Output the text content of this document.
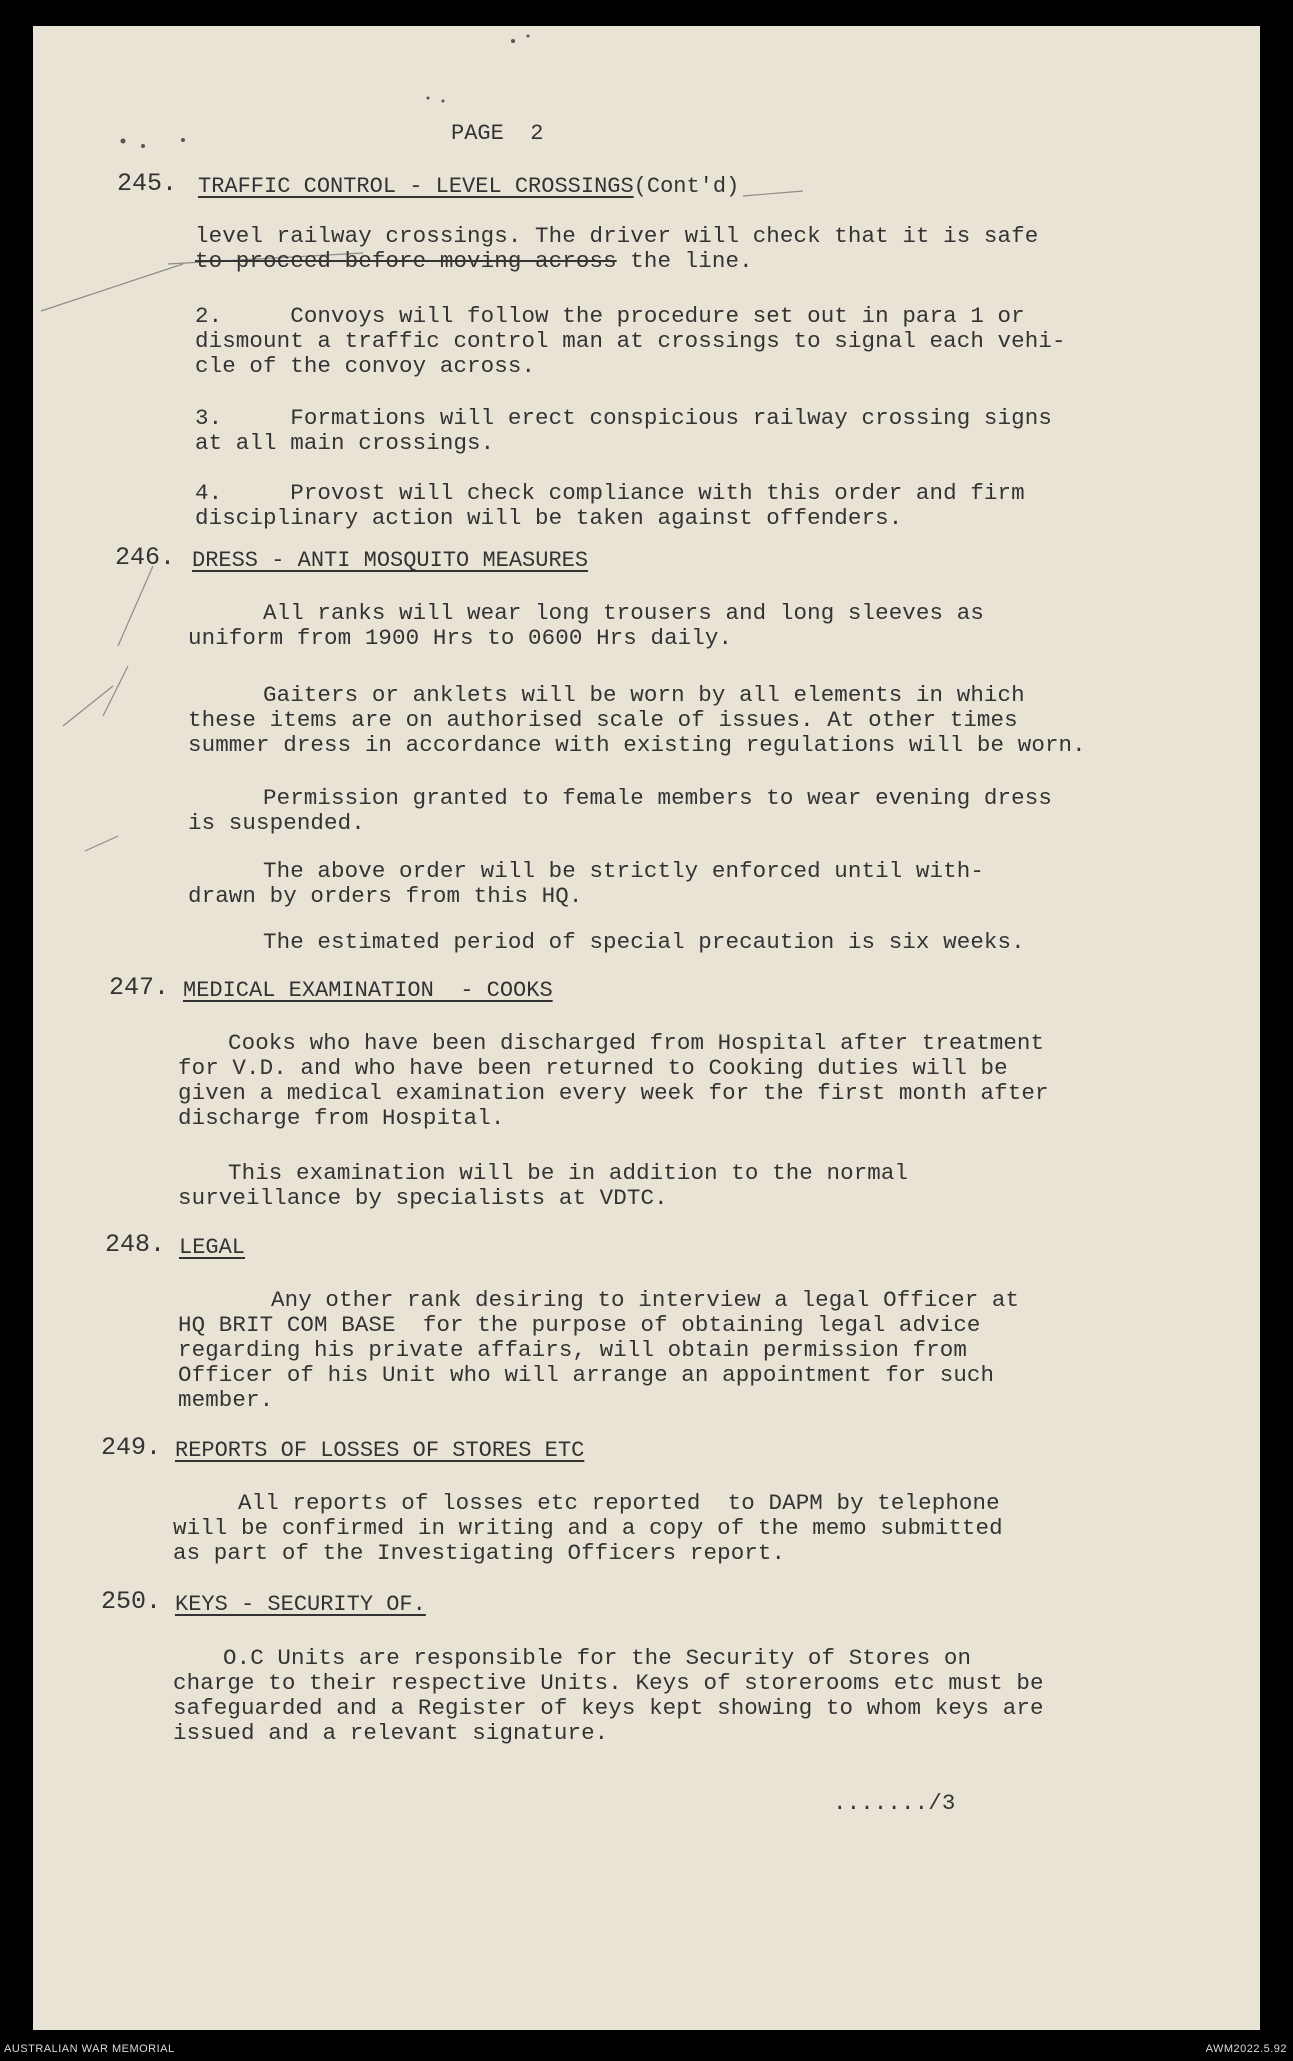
PAGE  2
245. TRAFFIC CONTROL - LEVEL CROSSINGS(Cont'd)
level railway crossings. The driver will check that it is safe
to proceed before moving across the line.
2.     Convoys will follow the procedure set out in para 1 or
dismount a traffic control man at crossings to signal each vehi-
cle of the convoy across.
3.     Formations will erect conspicious railway crossing signs
at all main crossings.
4.     Provost will check compliance with this order and firm
disciplinary action will be taken against offenders.
246. DRESS - ANTI MOSQUITO MEASURES
All ranks will wear long trousers and long sleeves as
uniform from 1900 Hrs to 0600 Hrs daily.
Gaiters or anklets will be worn by all elements in which
these items are on authorised scale of issues. At other times
summer dress in accordance with existing regulations will be worn.
Permission granted to female members to wear evening dress
is suspended.
The above order will be strictly enforced until with-
drawn by orders from this HQ.
The estimated period of special precaution is six weeks.
247. MEDICAL EXAMINATION  - COOKS
Cooks who have been discharged from Hospital after treatment
for V.D. and who have been returned to Cooking duties will be
given a medical examination every week for the first month after
discharge from Hospital.
This examination will be in addition to the normal
surveillance by specialists at VDTC.
248. LEGAL
Any other rank desiring to interview a legal Officer at
HQ BRIT COM BASE  for the purpose of obtaining legal advice
regarding his private affairs, will obtain permission from
Officer of his Unit who will arrange an appointment for such
member.
249. REPORTS OF LOSSES OF STORES ETC
All reports of losses etc reported  to DAPM by telephone
will be confirmed in writing and a copy of the memo submitted
as part of the Investigating Officers report.
250. KEYS - SECURITY OF.
O.C Units are responsible for the Security of Stores on
charge to their respective Units. Keys of storerooms etc must be
safeguarded and a Register of keys kept showing to whom keys are
issued and a relevant signature.
......./3
AUSTRALIAN WAR MEMORIAL	AWM2022.5.92
